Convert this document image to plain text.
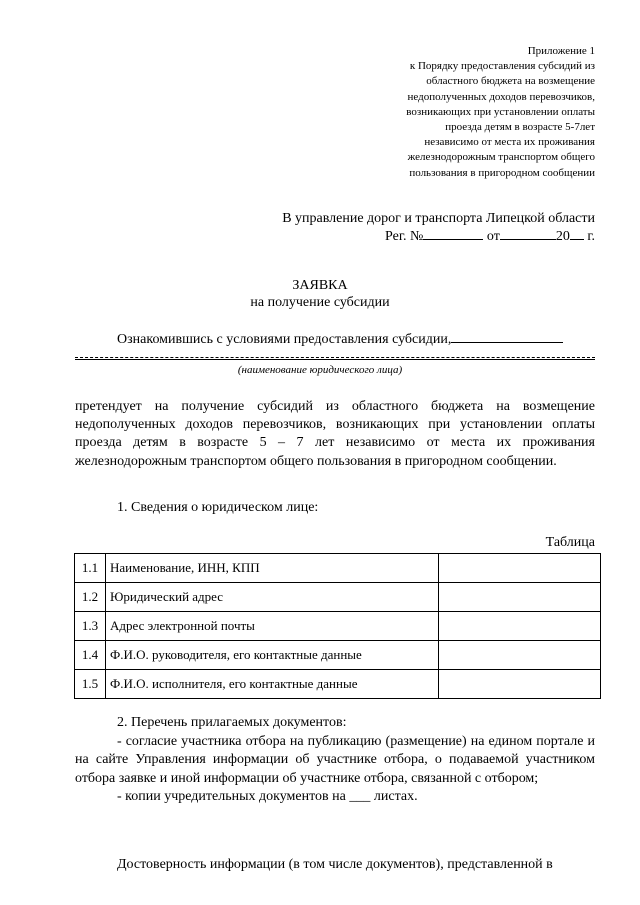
Приложение 1
к Порядку предоставления субсидий из
областного бюджета на возмещение
недополученных доходов перевозчиков,
возникающих при установлении оплаты
проезда детям в возрасте 5-7лет
независимо от места их проживания
железнодорожным транспортом общего
пользования в пригородном сообщении
В управление дорог и транспорта Липецкой области
Рег. №	от	20 г.
ЗАЯВКА
на получение субсидии
Ознакомившись с условиями предоставления субсидии,
(наименование юридического лица)
претендует на получение субсидий из областного бюджета на возмещение недополученных доходов перевозчиков, возникающих при установлении оплаты проезда детям в возрасте 5 – 7 лет независимо от места их проживания железнодорожным транспортом общего пользования в пригородном сообщении.
1. Сведения о юридическом лице:
Таблица
1.1	Наименование, ИНН, КПП	
1.2	Юридический адрес	
1.3	Адрес электронной почты	
1.4	Ф.И.О. руководителя, его контактные данные	
1.5	Ф.И.О. исполнителя, его контактные данные	

2. Перечень прилагаемых документов:

- согласие участника отбора на публикацию (размещение) на едином портале и на сайте Управления информации об участнике отбора, о подаваемой участником отбора заявке и иной информации об участнике отбора, связанной с отбором;

- копии учредительных документов на ___ листах.

Достоверность информации (в том числе документов), представленной в
